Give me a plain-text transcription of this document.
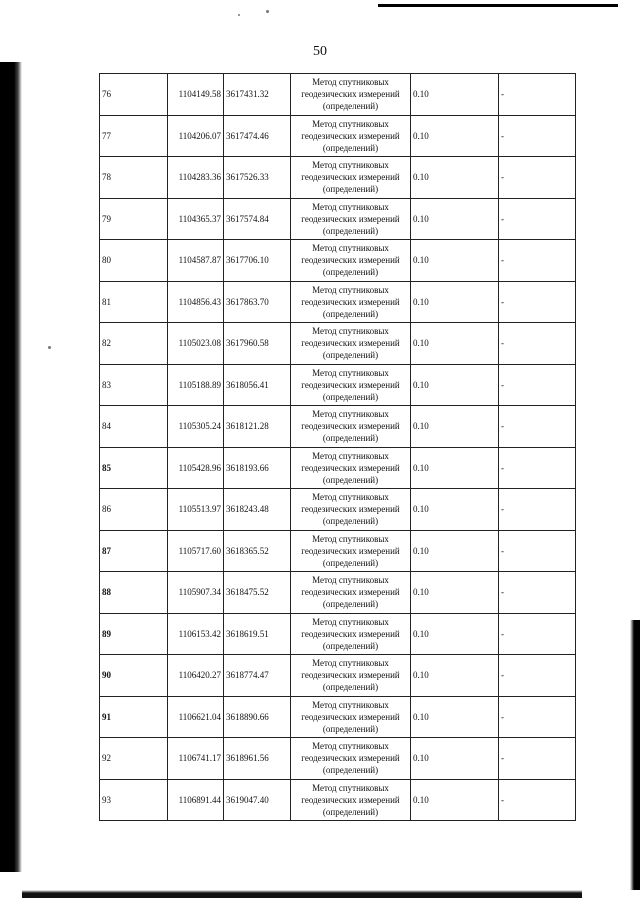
50
76	1104149.58	3617431.32	Метод спутниковых геодезических измерений (определений)	0.10	-
77	1104206.07	3617474.46	Метод спутниковых геодезических измерений (определений)	0.10	-
78	1104283.36	3617526.33	Метод спутниковых геодезических измерений (определений)	0.10	-
79	1104365.37	3617574.84	Метод спутниковых геодезических измерений (определений)	0.10	-
80	1104587.87	3617706.10	Метод спутниковых геодезических измерений (определений)	0.10	-
81	1104856.43	3617863.70	Метод спутниковых геодезических измерений (определений)	0.10	-
82	1105023.08	3617960.58	Метод спутниковых геодезических измерений (определений)	0.10	-
83	1105188.89	3618056.41	Метод спутниковых геодезических измерений (определений)	0.10	-
84	1105305.24	3618121.28	Метод спутниковых геодезических измерений (определений)	0.10	-
85	1105428.96	3618193.66	Метод спутниковых геодезических измерений (определений)	0.10	-
86	1105513.97	3618243.48	Метод спутниковых геодезических измерений (определений)	0.10	-
87	1105717.60	3618365.52	Метод спутниковых геодезических измерений (определений)	0.10	-
88	1105907.34	3618475.52	Метод спутниковых геодезических измерений (определений)	0.10	-
89	1106153.42	3618619.51	Метод спутниковых геодезических измерений (определений)	0.10	-
90	1106420.27	3618774.47	Метод спутниковых геодезических измерений (определений)	0.10	-
91	1106621.04	3618890.66	Метод спутниковых геодезических измерений (определений)	0.10	-
92	1106741.17	3618961.56	Метод спутниковых геодезических измерений (определений)	0.10	-
93	1106891.44	3619047.40	Метод спутниковых геодезических измерений (определений)	0.10	-
